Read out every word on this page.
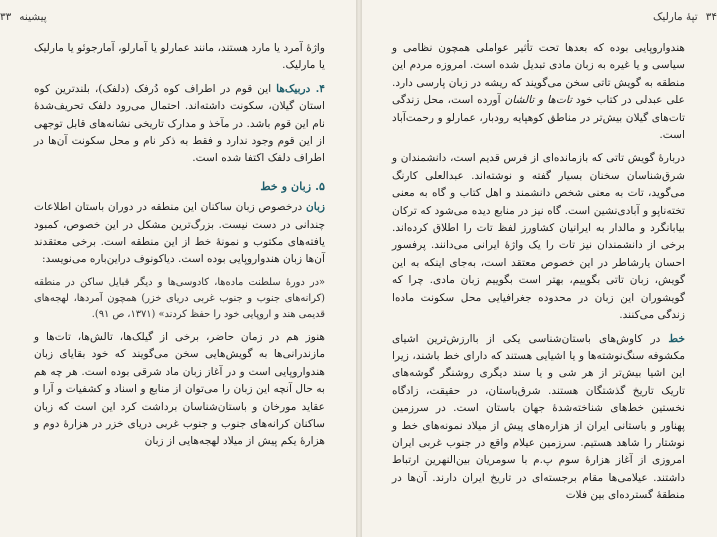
پیشینه
۳۳

واژهٔ آمرد یا مارد هستند، مانند عمارلو یا آمارلو، آمارجوئو یا مارلیک یا مارلیک.

۴. دربیک‌ها این قوم در اطراف کوه دُرفک (دلفک)، بلندترین کوه استان گیلان، سکونت داشته‌اند. احتمال می‌رود دلفک تحریف‌شدهٔ نام این قوم باشد. در مآخذ و مدارک تاریخی نشانه‌های قابل توجهی از این قوم وجود ندارد و فقط به ذکر نام و محل سکونت آن‌ها در اطراف دلفک اکتفا شده است.

۵. زبان و خط

زبان درخصوص زبان ساکنان این منطقه در دوران باستان اطلاعات چندانی در دست نیست. بزرگ‌ترین مشکل در این خصوص، کمبود یافته‌های مکتوب و نمونهٔ خط از این منطقه است. برخی معتقدند آن‌ها زبان هندواروپایی بوده است. دیاکونوف دراین‌باره می‌نویسد:

«در دورهٔ سلطنت ماده‌ها، کادوسی‌ها و دیگر قبایل ساکن در منطقه (کرانه‌های جنوب و جنوب غربی دریای خزر) همچون آمردها، لهجه‌های قدیمی هند و اروپایی خود را حفظ کردند» (۱۳۷۱، ص ۹۱).

هنوز هم در زمان حاضر، برخی از گیلک‌ها، تالش‌ها، تات‌ها و مازندرانی‌ها به گویش‌هایی سخن می‌گویند که خود بقایای زبان هندواروپایی است و در آغاز زبان ماد شرقی بوده است. هر چه هم به حال آنچه این زبان را می‌توان از منابع و اسناد و کشفیات و آرا و عقاید مورخان و باستان‌شناسان برداشت کرد این است که زبان ساکنان کرانه‌های جنوب و جنوب غربی دریای خزر در هزارهٔ دوم و هزارهٔ یکم پیش از میلاد لهجه‌هایی از زبان

۳۴
تپهٔ مارلیک

هندواروپایی بوده که بعدها تحت تأثیر عواملی همچون نظامی و سیاسی و یا غیره به زبان مادی تبدیل شده است. امروزه مردم این منطقه به گویش تاتی سخن می‌گویند که ریشه در زبان پارسی دارد. علی عبدلی در کتاب خود تات‌ها و تالشان آورده است، محل زندگی تات‌های گیلان بیش‌تر در مناطق کوهپایه رودبار، عمارلو و رحمت‌آباد است.

دربارهٔ گویش تاتی که بازمانده‌ای از فرس قدیم است، دانشمندان و شرق‌شناسان سخنان بسیار گفته و نوشته‌اند. عبدالعلی کارنگ می‌گوید، تات به معنی شخص دانشمند و اهل کتاب و گاه به معنی تخته‌ناپو و آبادی‌نشین است. گاه نیز در منابع دیده می‌شود که ترکان بیابانگرد و مالدار به ایرانیان کشاورز لفظ تات را اطلاق کرده‌اند. برخی از دانشمندان نیز تات را یک واژهٔ ایرانی می‌دانند. پرفسور احسان یارشاطر در این خصوص معتقد است، به‌جای اینکه به این گویش، زبان تاتی بگوییم، بهتر است بگوییم زبان مادی. چرا که گویشوران این زبان در محدوده جغرافیایی محل سکونت ماده‌ا زندگی می‌کنند.

خط در کاوش‌های باستان‌شناسی یکی از باارزش‌ترین اشیای مکشوفه سنگ‌نوشته‌ها و یا اشیایی هستند که دارای خط باشند، زیرا این اشیا بیش‌تر از هر شی و یا سند دیگری روشنگر گوشه‌های تاریک تاریخ گذشتگان هستند. شرق‌باستان، در حقیقت، زادگاه نخستین خط‌های شناخته‌شدهٔ جهان باستان است. در سرزمین پهناور و باستانی ایران از هزاره‌های پیش از میلاد نمونه‌های خط و نوشتار را شاهد هستیم. سرزمین عیلام واقع در جنوب غربی ایران امروزی از آغاز هزارهٔ سوم پ.م با سومریان بین‌النهرین ارتباط داشتند. عیلامی‌ها مقام برجسته‌ای در تاریخ ایران دارند. آن‌ها در منطقهٔ گسترده‌ای بین فلات
